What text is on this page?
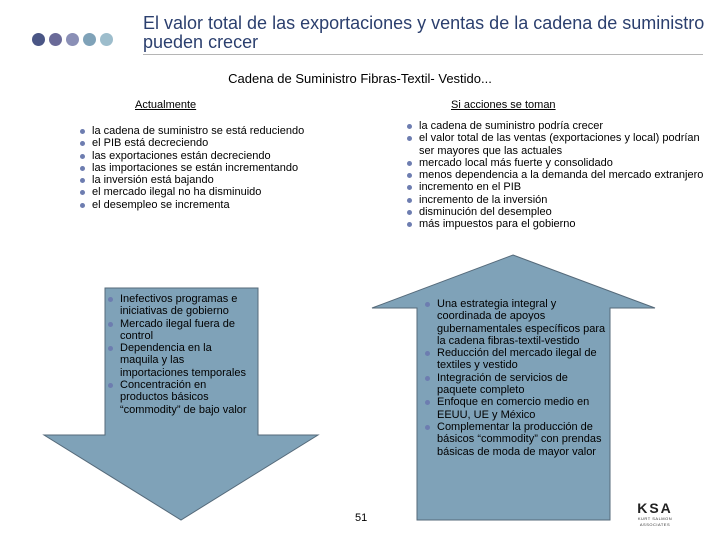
El valor total de las exportaciones y ventas de la cadena de suministro pueden crecer
Cadena de Suministro Fibras-Textil- Vestido...
Actualmente	Si acciones se toman
la cadena de suministro se está reduciendo
el PIB está decreciendo
las exportaciones están decreciendo
las importaciones se están incrementando
la inversión está bajando
el mercado ilegal no ha disminuido
el desempleo se incrementa
la cadena de suministro podría crecer
el valor total de las ventas (exportaciones y local) podrían ser mayores que las actuales
mercado local más fuerte y consolidado
menos dependencia a la demanda del mercado extranjero
incremento en el PIB
incremento de la inversión
disminución del desempleo
más impuestos para el gobierno
Inefectivos programas e iniciativas de gobierno
Mercado ilegal fuera de control
Dependencia en la maquila y las importaciones temporales
Concentración en productos básicos “commodity” de bajo valor
Una estrategia integral y coordinada de apoyos gubernamentales específicos para la cadena fibras-textil-vestido
Reducción del mercado ilegal de textiles y vestido
Integración de servicios de paquete completo
Enfoque en comercio medio en EEUU, UE y México
Complementar la producción de básicos “commodity” con prendas básicas de moda de mayor valor
51
KSA
KURT SALMON ASSOCIATES
